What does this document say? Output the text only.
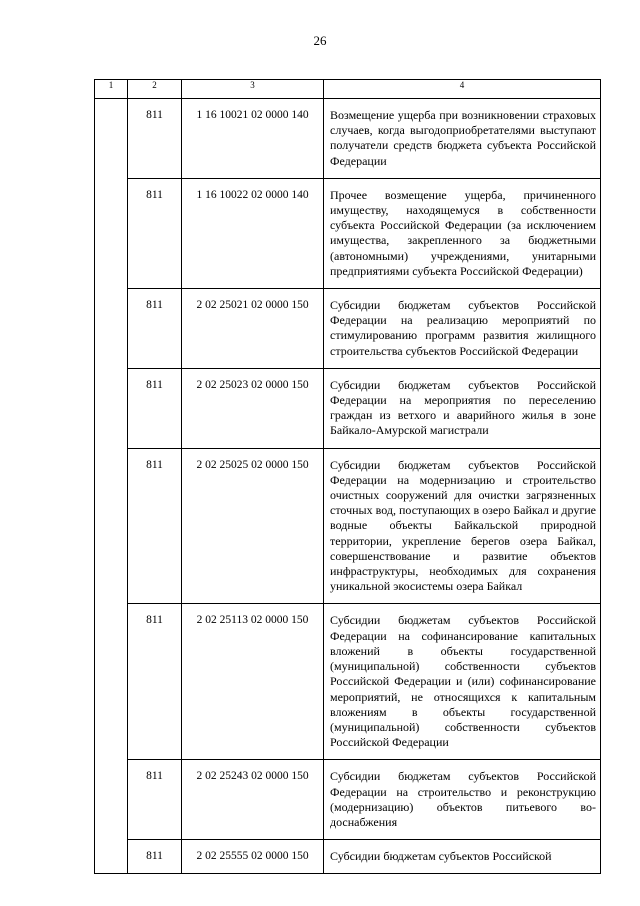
26
1	2	3	4
	811	1 16 10021 02 0000 140	Возмещение ущерба при возникновении страховых случаев, когда выгодоприобретателями выступают получатели средств бюджета субъекта Российской Федерации
	811	1 16 10022 02 0000 140	Прочее возмещение ущерба, причиненного имуществу, находящемуся в собственности субъекта Российской Федерации (за исключением имущества, закрепленного за бюджетными (автономными) учреждениями, унитарными предприятиями субъекта Российской Федерации)
	811	2 02 25021 02 0000 150	Субсидии бюджетам субъектов Российской Федерации на реализацию мероприятий по стимулированию программ развития жилищного строительства субъектов Российской Федерации
	811	2 02 25023 02 0000 150	Субсидии бюджетам субъектов Российской Федерации на мероприятия по переселению граждан из ветхого и аварийного жилья в зоне Байкало-Амурской магистрали
	811	2 02 25025 02 0000 150	Субсидии бюджетам субъектов Российской Федерации на модернизацию и строительство очистных сооружений для очистки загрязненных сточных вод, поступающих в озеро Байкал и другие водные объекты Байкальской природной территории, укрепление берегов озера Байкал, совершенствование и развитие объектов инфраструктуры, необходимых для сохранения уникальной экосистемы озера Байкал
	811	2 02 25113 02 0000 150	Субсидии бюджетам субъектов Российской Федерации на софинансирование капитальных вложений в объекты государственной (муниципальной) собственности субъектов Российской Федерации и (или) софинансирование мероприятий, не относящихся к капитальным вложениям в объекты государственной (муниципальной) собственности субъектов Российской Федерации
	811	2 02 25243 02 0000 150	Субсидии бюджетам субъектов Российской Федерации на строительство и реконструкцию (модернизацию) объектов питьевого водоснабжения
	811	2 02 25555 02 0000 150	Субсидии бюджетам субъектов Российской
